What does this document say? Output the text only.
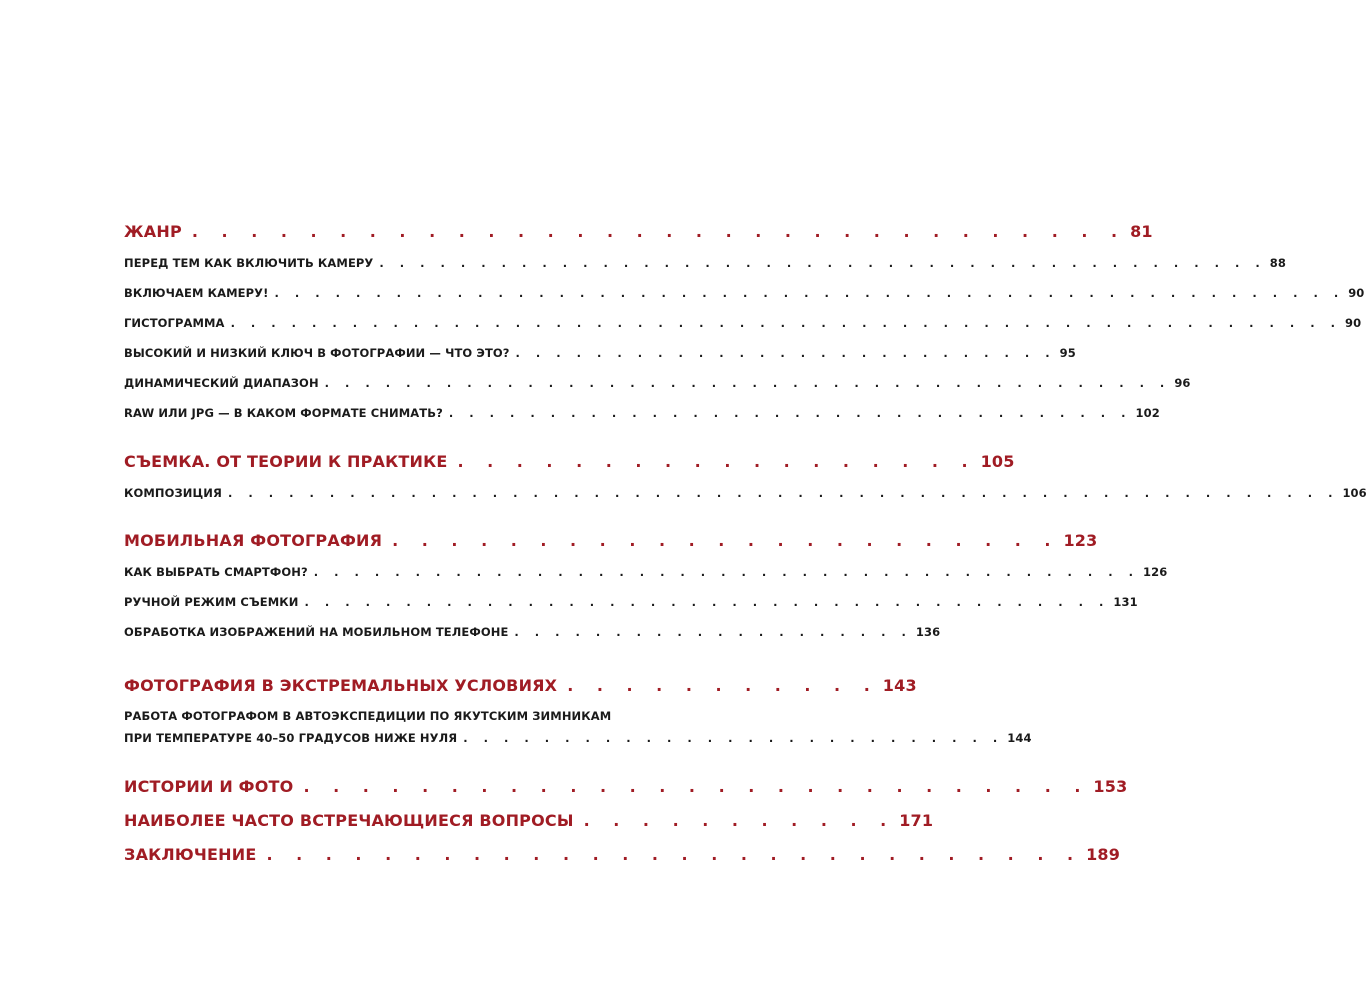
ЖАНР . . . . . . . . . . . . . . . . . . . . . . . . . . . . . . . . 81
ПЕРЕД ТЕМ КАК ВКЛЮЧИТЬ КАМЕРУ . . . . . . . . . . . . . . . . . . . . . . . . . . . . . . . . . . . . . . . . . . . . 88
ВКЛЮЧАЕМ КАМЕРУ! . . . . . . . . . . . . . . . . . . . . . . . . . . . . . . . . . . . . . . . . . . . . . . . . . . . . . 90
ГИСТОГРАММА . . . . . . . . . . . . . . . . . . . . . . . . . . . . . . . . . . . . . . . . . . . . . . . . . . . . . . . 90
ВЫСОКИЙ И НИЗКИЙ КЛЮЧ В ФОТОГРАФИИ — ЧТО ЭТО? . . . . . . . . . . . . . . . . . . . . . . . . . . . 95
ДИНАМИЧЕСКИЙ ДИАПАЗОН . . . . . . . . . . . . . . . . . . . . . . . . . . . . . . . . . . . . . . . . . . 96
RAW ИЛИ JPG — В КАКОМ ФОРМАТЕ СНИМАТЬ? . . . . . . . . . . . . . . . . . . . . . . . . . . . . . . . . . . 102
СЪЕМКА. ОТ ТЕОРИИ К ПРАКТИКЕ . . . . . . . . . . . . . . . . . . 105
КОМПОЗИЦИЯ . . . . . . . . . . . . . . . . . . . . . . . . . . . . . . . . . . . . . . . . . . . . . . . . . . . . . . . 106
МОБИЛЬНАЯ ФОТОГРАФИЯ . . . . . . . . . . . . . . . . . . . . . . . 123
КАК ВЫБРАТЬ СМАРТФОН? . . . . . . . . . . . . . . . . . . . . . . . . . . . . . . . . . . . . . . . . . 126
РУЧНОЙ РЕЖИМ СЪЕМКИ . . . . . . . . . . . . . . . . . . . . . . . . . . . . . . . . . . . . . . . . 131
ОБРАБОТКА ИЗОБРАЖЕНИЙ НА МОБИЛЬНОМ ТЕЛЕФОНЕ . . . . . . . . . . . . . . . . . . . . 136
ФОТОГРАФИЯ В ЭКСТРЕМАЛЬНЫХ УСЛОВИЯХ . . . . . . . . . . . 143
РАБОТА ФОТОГРАФОМ В АВТОЭКСПЕДИЦИИ ПО ЯКУТСКИМ ЗИМНИКАМ
ПРИ ТЕМПЕРАТУРЕ 40–50 ГРАДУСОВ НИЖЕ НУЛЯ . . . . . . . . . . . . . . . . . . . . . . . . . . . 144
ИСТОРИИ И ФОТО . . . . . . . . . . . . . . . . . . . . . . . . . . . 153
НАИБОЛЕЕ ЧАСТО ВСТРЕЧАЮЩИЕСЯ ВОПРОСЫ . . . . . . . . . . . 171
ЗАКЛЮЧЕНИЕ . . . . . . . . . . . . . . . . . . . . . . . . . . . . 189
